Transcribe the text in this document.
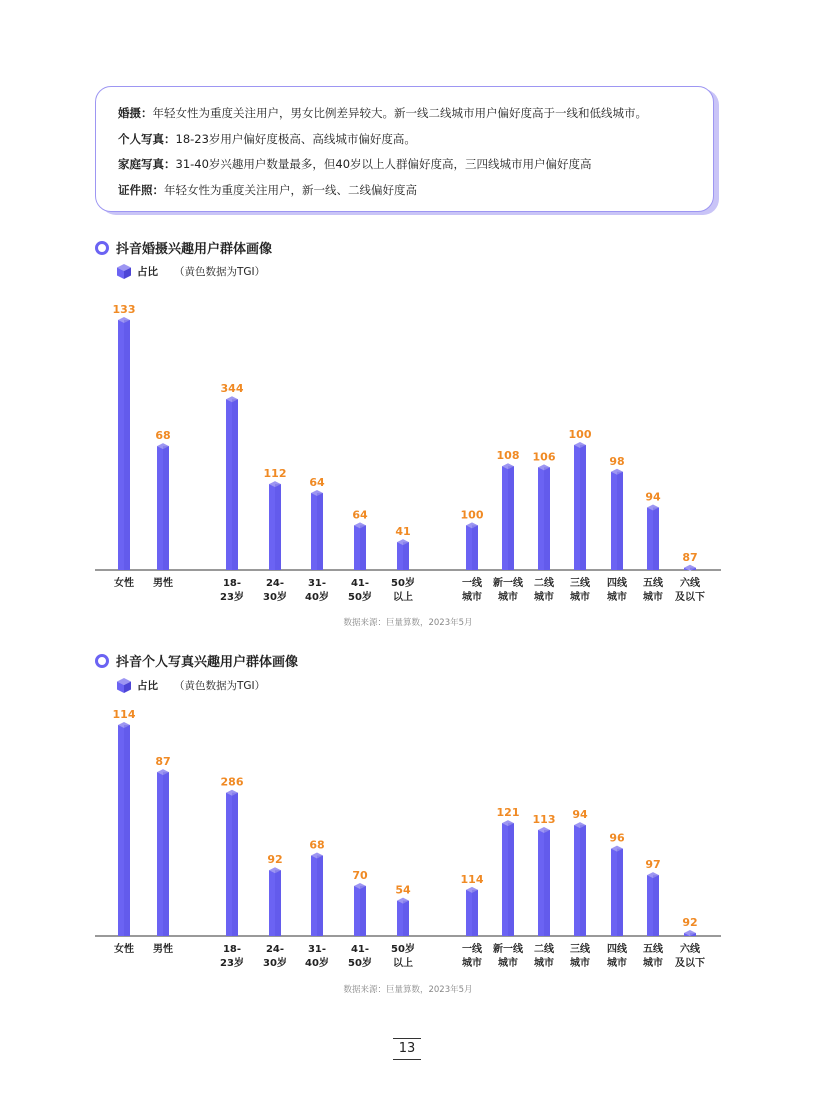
婚摄：年轻女性为重度关注用户，男女比例差异较大。新一线二线城市用户偏好度高于一线和低线城市。
个人写真：18-23岁用户偏好度极高、高线城市偏好度高。
家庭写真：31-40岁兴趣用户数量最多，但40岁以上人群偏好度高，三四线城市用户偏好度高
证件照：年轻女性为重度关注用户，新一线、二线偏好度高
抖音婚摄兴趣用户群体画像
占比 （黄色数据为TGI）
133
女性
68
男性
344
18-
23岁
112
24-
30岁
64
31-
40岁
64
41-
50岁
41
50岁
以上
100
一线
城市
108
新一线
城市
106
二线
城市
100
三线
城市
98
四线
城市
94
五线
城市
87
六线
及以下
数据来源：巨量算数，2023年5月
抖音个人写真兴趣用户群体画像
占比 （黄色数据为TGI）
114
女性
87
男性
286
18-
23岁
92
24-
30岁
68
31-
40岁
70
41-
50岁
54
50岁
以上
114
一线
城市
121
新一线
城市
113
二线
城市
94
三线
城市
96
四线
城市
97
五线
城市
92
六线
及以下
数据来源：巨量算数，2023年5月
13
